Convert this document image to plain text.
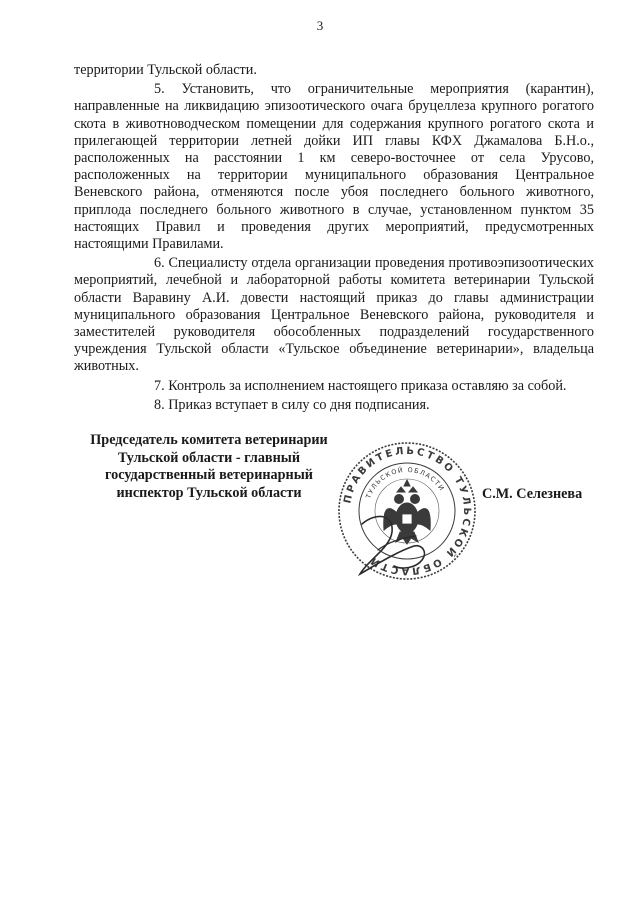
3

территории Тульской области.

5. Установить, что ограничительные мероприятия (карантин), направленные на ликвидацию эпизоотического очага бруцеллеза крупного рогатого скота в животноводческом помещении для содержания крупного рогатого скота и прилегающей территории летней дойки ИП главы КФХ Джамалова Б.Н.о., расположенных на расстоянии 1 км северо-восточнее от села Урусово, расположенных на территории муниципального образования Центральное Веневского района, отменяются после убоя последнего больного животного, приплода последнего больного животного в случае, установленном пунктом 35 настоящих Правил и проведения других мероприятий, предусмотренных настоящими Правилами.

6. Специалисту отдела организации проведения противоэпизоотических мероприятий, лечебной и лабораторной работы комитета ветеринарии Тульской области Варавину А.И. довести настоящий приказ до главы администрации муниципального образования Центральное Веневского района, руководителя и заместителей руководителя обособленных подразделений государственного учреждения Тульской области «Тульское объединение ветеринарии», владельца животных.

7. Контроль за исполнением настоящего приказа оставляю за собой.

8. Приказ вступает в силу со дня подписания.

Председатель комитета ветеринарии Тульской области - главный государственный ветеринарный инспектор Тульской области	ПРАВИТЕЛЬСТВО ТУЛЬСКОЙ ОБЛАСТИ
ТУЛЬСКОЙ ОБЛАСТИ	С.М. Селезнева
